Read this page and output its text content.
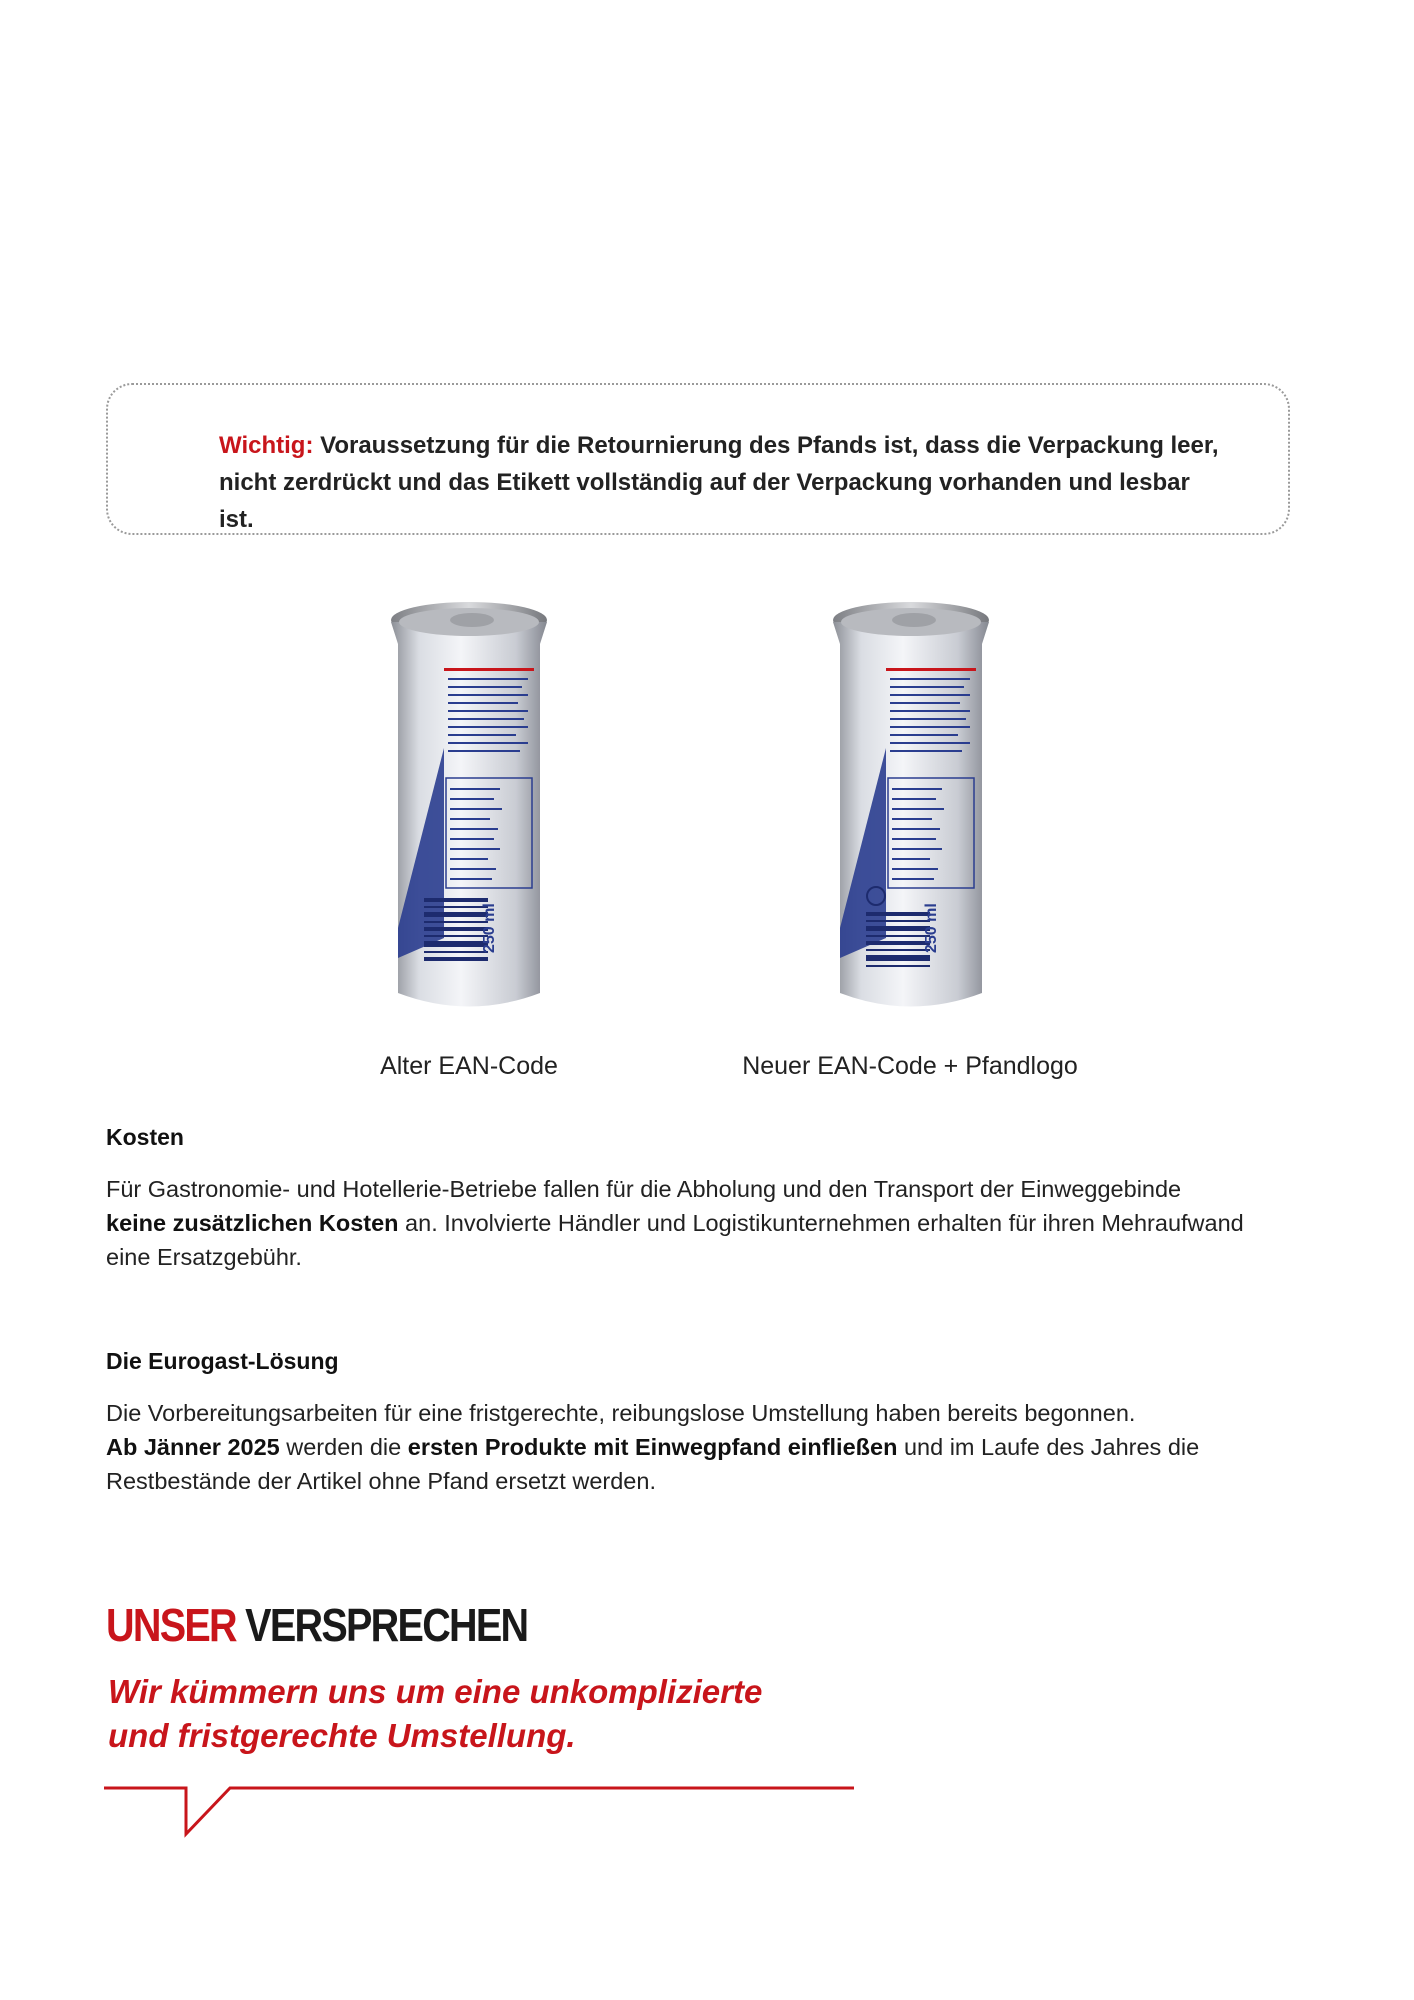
Wichtig: Voraussetzung für die Retournierung des Pfands ist, dass die Verpackung leer,
nicht zerdrückt und das Etikett vollständig auf der Verpackung vorhanden und lesbar ist.
250 ml
Alter EAN-Code
250 ml
Neuer EAN-Code + Pfandlogo
Kosten
Für Gastronomie- und Hotellerie-Betriebe fallen für die Abholung und den Transport der Einweggebinde
keine zusätzlichen Kosten an. Involvierte Händler und Logistikunternehmen erhalten für ihren Mehraufwand
eine Ersatzgebühr.
Die Eurogast-Lösung
Die Vorbereitungsarbeiten für eine fristgerechte, reibungslose Umstellung haben bereits begonnen.
Ab Jänner 2025 werden die ersten Produkte mit Einwegpfand einfließen und im Laufe des Jahres die
Restbestände der Artikel ohne Pfand ersetzt werden.
UNSER VERSPRECHEN
Wir kümmern uns um eine unkomplizierte
und fristgerechte Umstellung.
